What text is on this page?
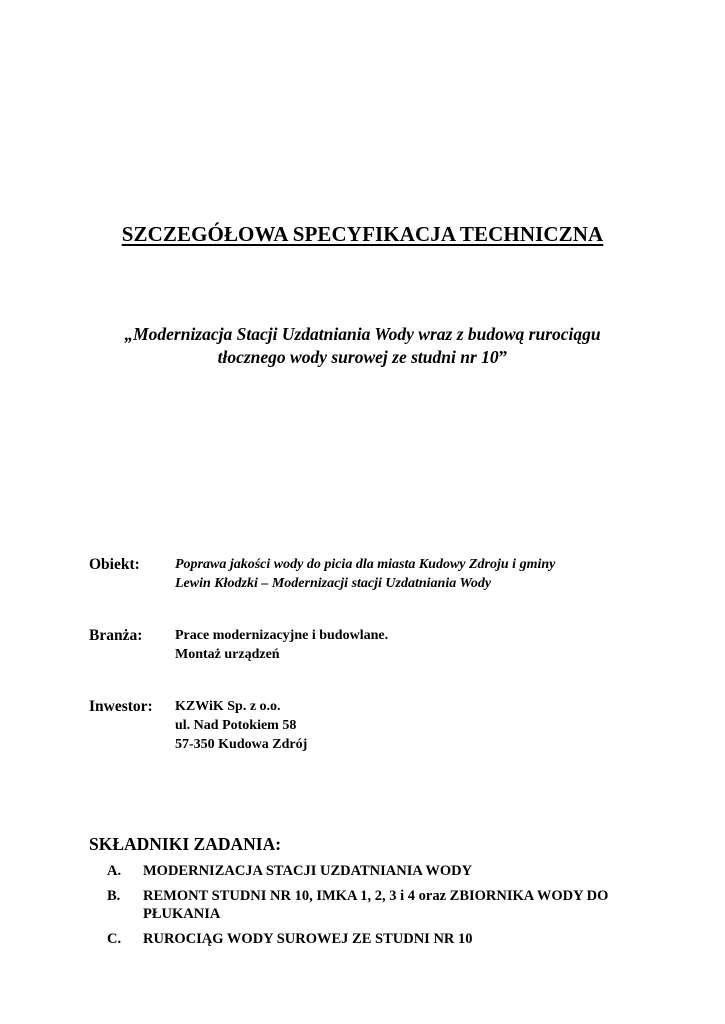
SZCZEGÓŁOWA SPECYFIKACJA TECHNICZNA
„Modernizacja Stacji Uzdatniania Wody wraz z budową rurociągu
tłocznego wody surowej ze studni nr 10”
Obiekt:	Poprawa jakości wody do picia dla miasta Kudowy Zdroju i gminy
Lewin Kłodzki – Modernizacji stacji Uzdatniania Wody
Branża:	Prace modernizacyjne i budowlane.
Montaż urządzeń
Inwestor:	KZWiK Sp. z o.o.
ul. Nad Potokiem 58
57-350 Kudowa Zdrój
SKŁADNIKI ZADANIA:
A.	MODERNIZACJA STACJI UZDATNIANIA WODY
B.	REMONT STUDNI NR 10, IMKA 1, 2, 3 i 4 oraz ZBIORNIKA WODY DO PŁUKANIA
C.	RUROCIĄG WODY SUROWEJ ZE STUDNI NR 10
